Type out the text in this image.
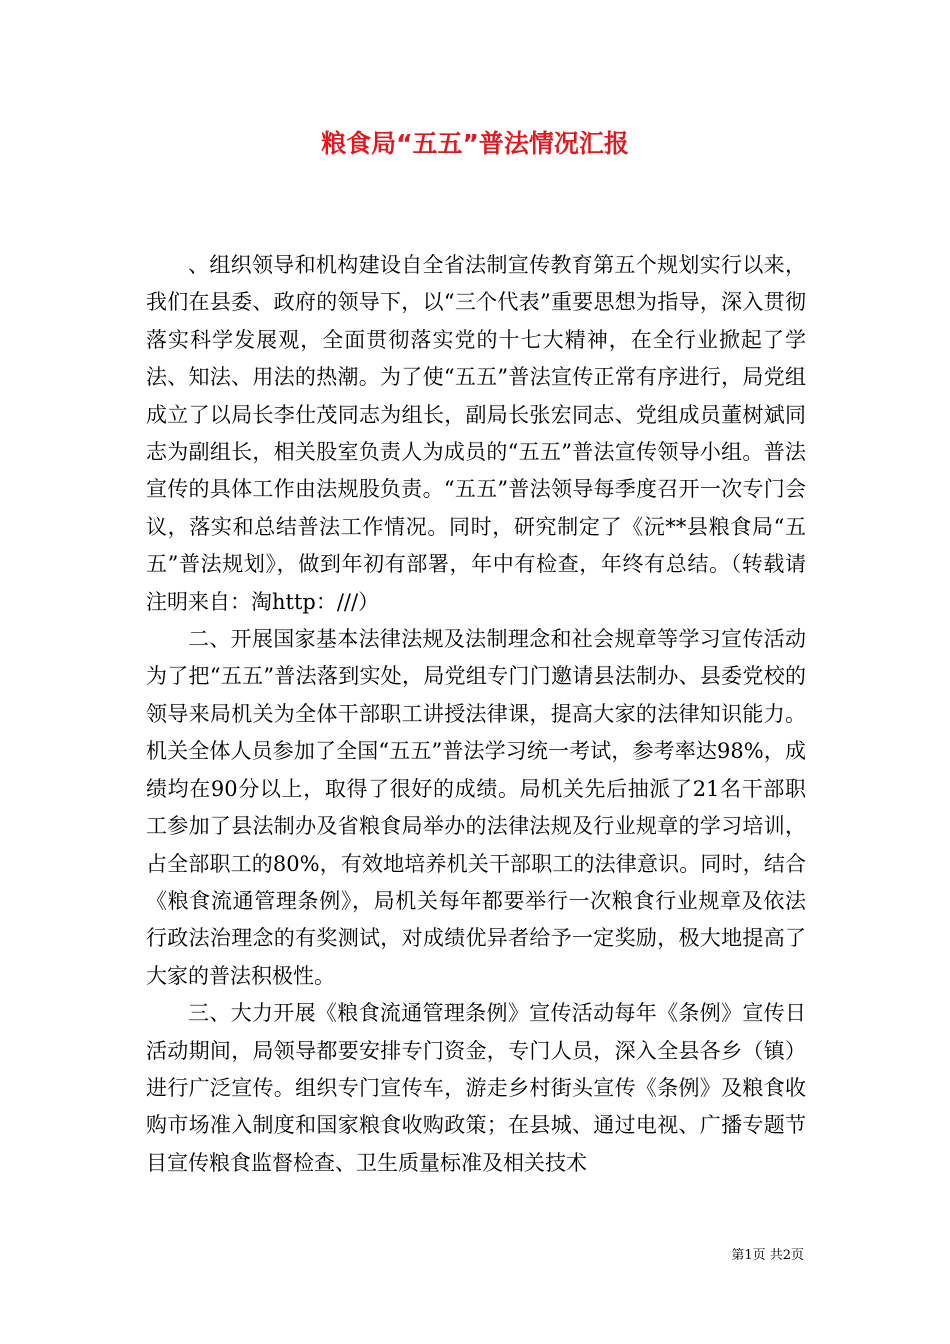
粮食局“五五”普法情况汇报

、组织领导和机构建设自全省法制宣传教育第五个规划实行以来，我们在县委、政府的领导下，以“三个代表”重要思想为指导，深入贯彻落实科学发展观，全面贯彻落实党的十七大精神，在全行业掀起了学法、知法、用法的热潮。为了使“五五”普法宣传正常有序进行，局党组成立了以局长李仕茂同志为组长，副局长张宏同志、党组成员董树斌同志为副组长，相关股室负责人为成员的“五五”普法宣传领导小组。普法宣传的具体工作由法规股负责。“五五”普法领导每季度召开一次专门会议，落实和总结普法工作情况。同时，研究制定了《沅**县粮食局“五五”普法规划》，做到年初有部署，年中有检查，年终有总结。（转载请注明来自：淘http：///）

二、开展国家基本法律法规及法制理念和社会规章等学习宣传活动为了把“五五”普法落到实处，局党组专门门邀请县法制办、县委党校的领导来局机关为全体干部职工讲授法律课，提高大家的法律知识能力。机关全体人员参加了全国“五五”普法学习统一考试，参考率达98%，成绩均在90分以上，取得了很好的成绩。局机关先后抽派了21名干部职工参加了县法制办及省粮食局举办的法律法规及行业规章的学习培训，占全部职工的80%，有效地培养机关干部职工的法律意识。同时，结合《粮食流通管理条例》，局机关每年都要举行一次粮食行业规章及依法行政法治理念的有奖测试，对成绩优异者给予一定奖励，极大地提高了大家的普法积极性。

三、大力开展《粮食流通管理条例》宣传活动每年《条例》宣传日活动期间，局领导都要安排专门资金，专门人员，深入全县各乡（镇）进行广泛宣传。组织专门宣传车，游走乡村街头宣传《条例》及粮食收购市场准入制度和国家粮食收购政策；在县城、通过电视、广播专题节目宣传粮食监督检查、卫生质量标准及相关技术

第1页 共2页
